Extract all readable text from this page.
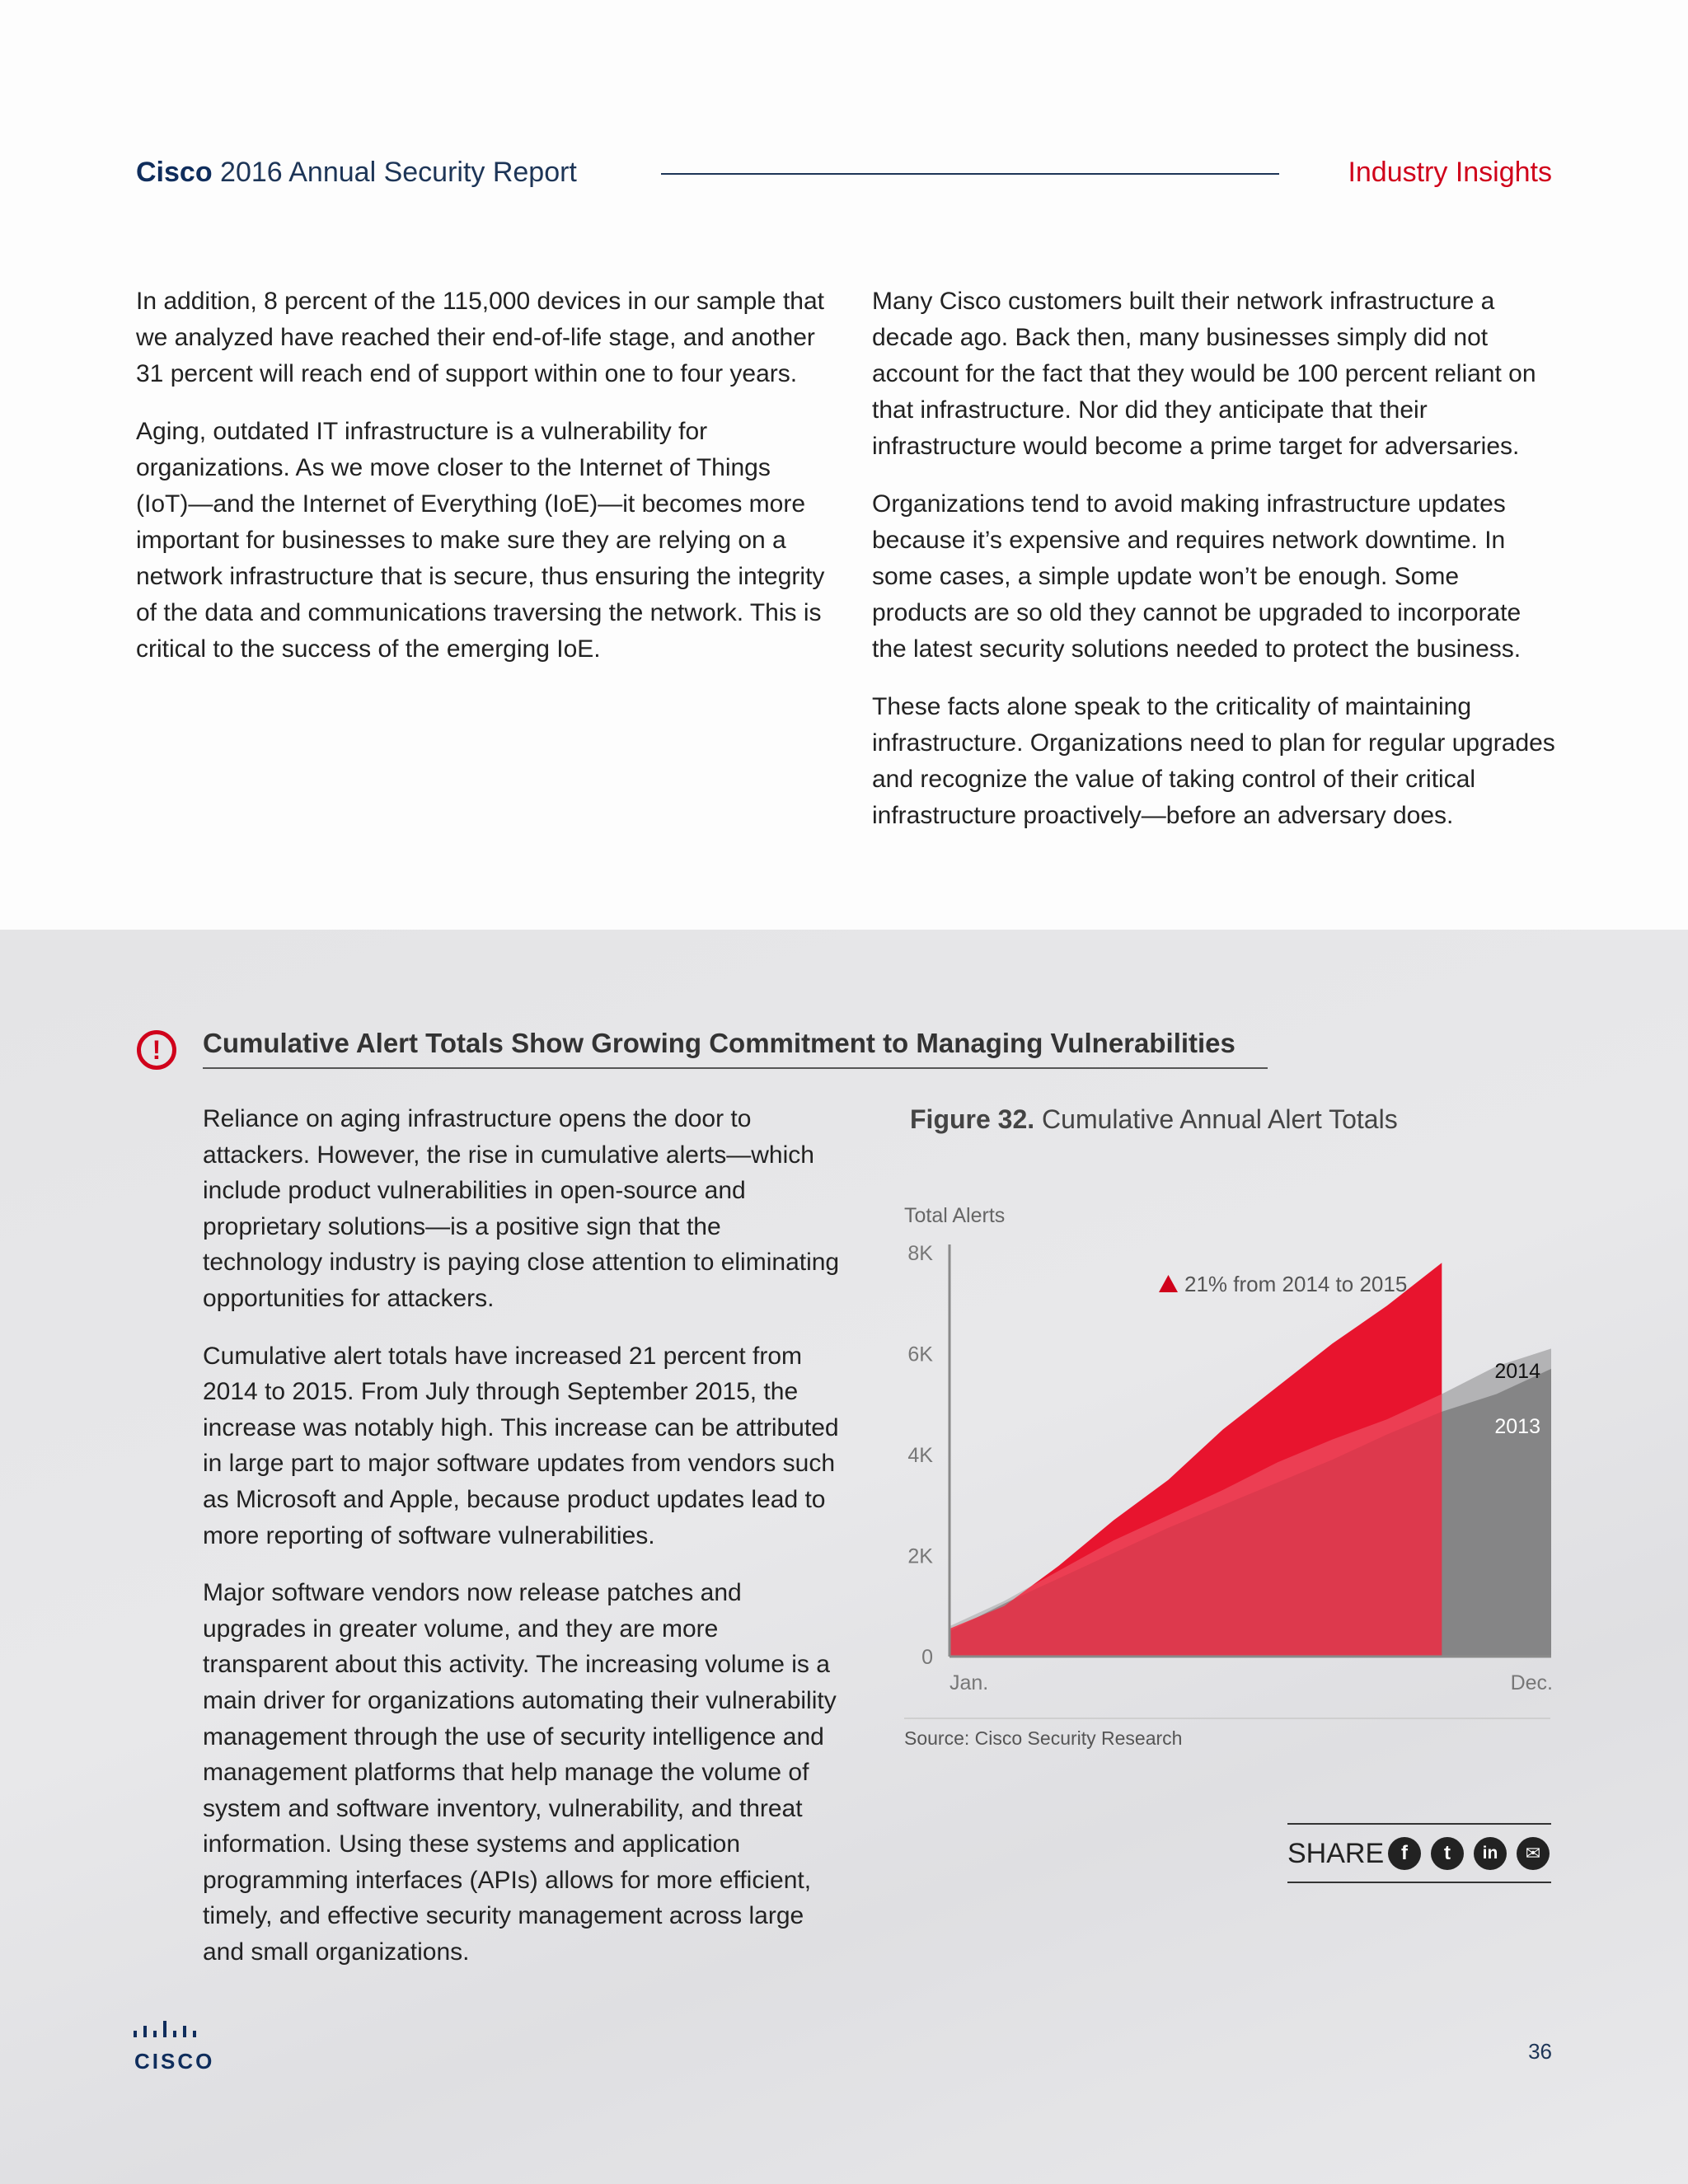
Cisco 2016 Annual Security Report	Industry Insights

In addition, 8 percent of the 115,000 devices in our sample that we analyzed have reached their end-of-life stage, and another 31 percent will reach end of support within one to four years.

Aging, outdated IT infrastructure is a vulnerability for organizations. As we move closer to the Internet of Things (IoT)—and the Internet of Everything (IoE)—it becomes more important for businesses to make sure they are relying on a network infrastructure that is secure, thus ensuring the integrity of the data and communications traversing the network. This is critical to the success of the emerging IoE.

Many Cisco customers built their network infrastructure a decade ago. Back then, many businesses simply did not account for the fact that they would be 100 percent reliant on that infrastructure. Nor did they anticipate that their infrastructure would become a prime target for adversaries.

Organizations tend to avoid making infrastructure updates because it’s expensive and requires network downtime. In some cases, a simple update won’t be enough. Some products are so old they cannot be upgraded to incorporate the latest security solutions needed to protect the business.

These facts alone speak to the criticality of maintaining infrastructure. Organizations need to plan for regular upgrades and recognize the value of taking control of their critical infrastructure proactively—before an adversary does.

!	Cumulative Alert Totals Show Growing Commitment to Managing Vulnerabilities

Reliance on aging infrastructure opens the door to attackers. However, the rise in cumulative alerts—which include product vulnerabilities in open-source and proprietary solutions—is a positive sign that the technology industry is paying close attention to eliminating opportunities for attackers.

Cumulative alert totals have increased 21 percent from 2014 to 2015. From July through September 2015, the increase was notably high. This increase can be attributed in large part to major software updates from vendors such as Microsoft and Apple, because product updates lead to more reporting of software vulnerabilities.

Major software vendors now release patches and upgrades in greater volume, and they are more transparent about this activity. The increasing volume is a main driver for organizations automating their vulnerability management through the use of security intelligence and management platforms that help manage the volume of system and software inventory, vulnerability, and threat information. Using these systems and application programming interfaces (APIs) allows for more efficient, timely, and effective security management across large and small organizations.

Figure 32. Cumulative Annual Alert Totals
Total Alerts
0
2K
4K
6K
8K
Jan.	Dec.
2014
2013
21% from 2014 to 2015
Source: Cisco Security Research
SHARE f	t	in	✉
CISCO	36
